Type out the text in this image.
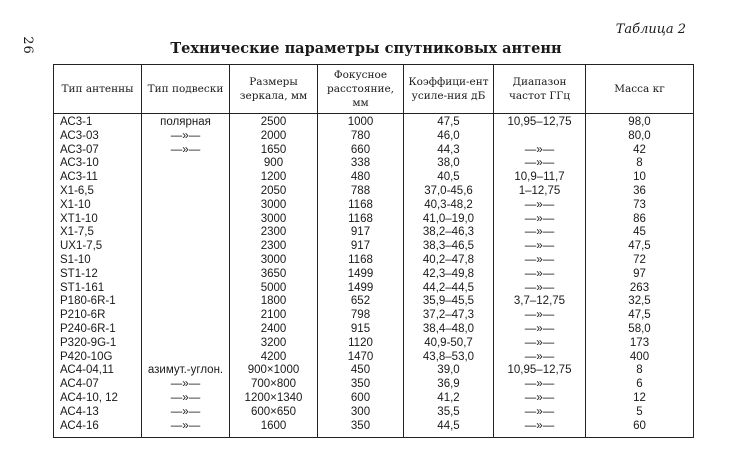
26
Таблица 2
Технические параметры спутниковых антенн
Тип антенны	Тип подвески	Размеры зеркала, мм	Фокусное расстояние, мм	Коэффици-ент усиле-ния дБ	Диапазон частот ГГц	Масса кг
АС3-1	полярная	2500	1000	47,5	10,95–12,75	98,0
АС3-03	—»—	2000	780	46,0		80,0
АС3-07	—»—	1650	660	44,3	—»—	42
АС3-10		900	338	38,0	—»—	8
АС3-11		1200	480	40,5	10,9–11,7	10
Х1-6,5		2050	788	37,0-45,6	1–12,75	36
Х1-10		3000	1168	40,3-48,2	—»—	73
ХТ1-10		3000	1168	41,0–19,0	—»—	86
Х1-7,5		2300	917	38,2–46,3	—»—	45
UХ1-7,5		2300	917	38,3–46,5	—»—	47,5
S1-10		3000	1168	40,2–47,8	—»—	72
ST1-12		3650	1499	42,3–49,8	—»—	97
ST1-161		5000	1499	44,2–44,5	—»—	263
Р180-6R-1		1800	652	35,9–45,5	3,7–12,75	32,5
Р210-6R		2100	798	37,2–47,3	—»—	47,5
Р240-6R-1		2400	915	38,4–48,0	—»—	58,0
Р320-9G-1		3200	1120	40,9-50,7	—»—	173
Р420-10G		4200	1470	43,8–53,0	—»—	400
АС4-04,11	азимут.-углон.	900×1000	450	39,0	10,95–12,75	8
АС4-07	—»—	700×800	350	36,9	—»—	6
АС4-10, 12	—»—	1200×1340	600	41,2	—»—	12
АС4-13	—»—	600×650	300	35,5	—»—	5
АС4-16	—»—	1600	350	44,5	—»—	60
